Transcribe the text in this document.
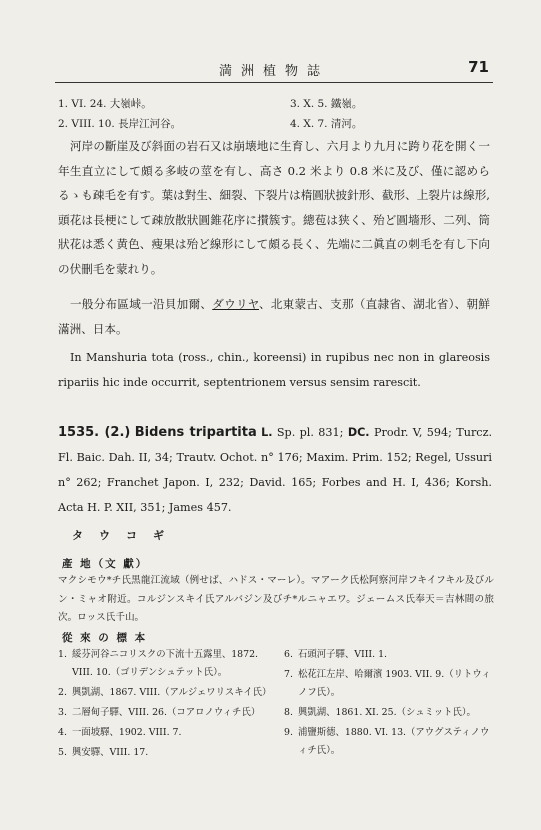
満洲植物誌	71
1. VI. 24. 大嶺峠。	3. X. 5. 鐵嶺。
2. VIII. 10. 長岸江河谷。	4. X. 7. 清河。
河岸の斷崖及び斜面の岩石又は崩壊地に生育し、六月より九月に跨り花を開く一年生直立にして頗る多岐の莖を有し、高さ 0.2 米より 0.8 米に及び、僅に認めらるゝも疎毛を有す。葉は對生、細裂、下裂片は楕圓狀披針形、截形、上裂片は線形,頭花は長梗にして疎放散狀圓錐花序に攅簇す。總苞は狭く、殆ど圓墻形、二列、筒狀花は悉く黄色、瘦果は殆ど線形にして頗る長く、先端に二眞直の刺毛を有し下向の伏刪毛を蒙れり。
一般分布區域一沿貝加爾、ダウリヤ、北東蒙古、支那（直隷省、湖北省）、朝鮮滿洲、日本。
In Manshuria tota (ross., chin., koreensi) in rupibus nec non in glareosis ripariis hic inde occurrit, septentrionem versus sensim rarescit.
1535. (2.) Bidens tripartita L. Sp. pl. 831; DC. Prodr. V, 594; Turcz. Fl. Baic. Dah. II, 34; Trautv. Ochot. n° 176; Maxim. Prim. 152; Regel, Ussuri n° 262; Franchet Japon. I, 232; David. 165; Forbes and H. I, 436; Korsh. Acta H. P. XII, 351; James 457.
タウコギ
產 地（文 獻）
マクシモウ*チ氏黒龍江流域（例せば、ハドス・マーレ）。マアーク氏松阿察河岸フキイフキル及びルン・ミャオ附近。コルジンスキイ氏アルバジン及びチ*ルニャエワ。ジェームス氏奉天＝吉林間の旅次。ロッス氏千山。
從 來 の 標 本
1. 綏芬河谷ニコリスクの下流十五露里、1872. VIII. 10.（ゴリデンシュテット氏）。
2. 興凱湖、1867. VIII.（アルジェワリスキイ氏）
3. 二層甸子驛、VIII. 26.（コアロノウィチ氏）
4. 一面坡驛、1902. VIII. 7.
5. 興安驛、VIII. 17.
6. 石頭河子驛、VIII. 1.
7. 松花江左岸、哈爾濱 1903. VII. 9.（リトウィノフ氏）。
8. 興凱湖、1861. XI. 25.（シュミット氏）。
9. 浦鹽斯德、1880. VI. 13.（アウグスティノウィチ氏）。
